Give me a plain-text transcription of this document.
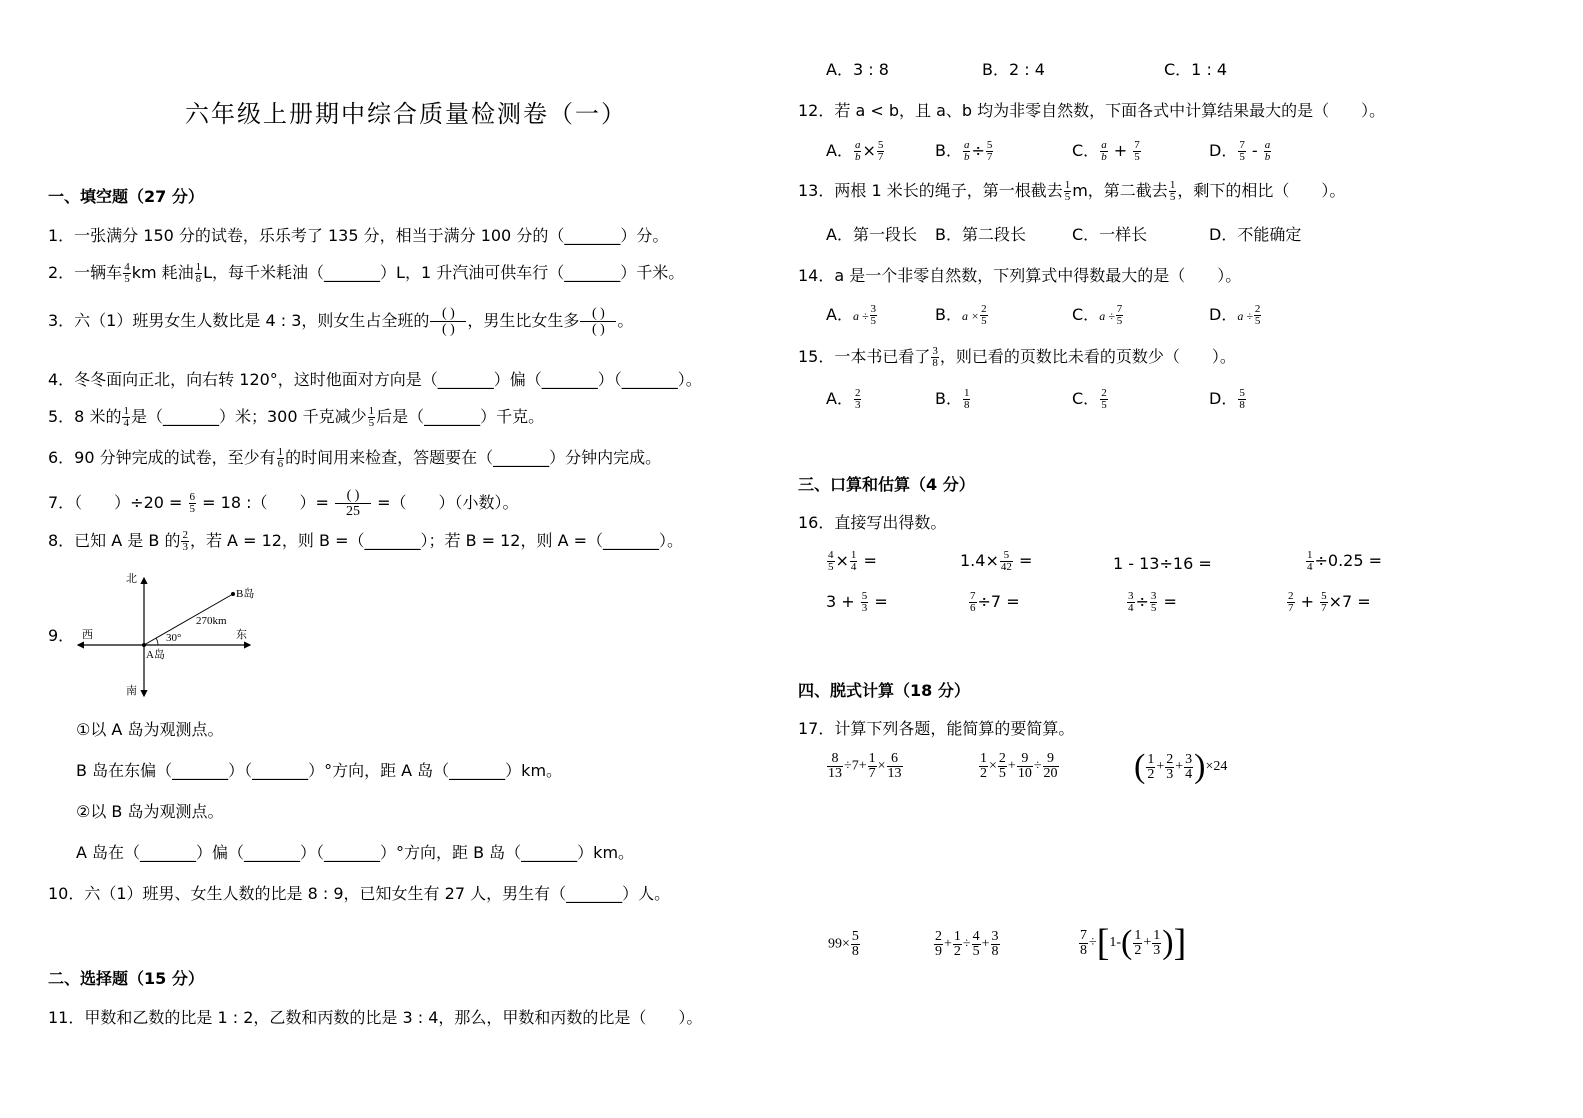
六年级上册期中综合质量检测卷（一）
一、填空题（27 分）
1．一张满分 150 分的试卷，乐乐考了 135 分，相当于满分 100 分的（_______）分。
2．一辆车 $\frac{4}{5}$ km 耗油 $\frac{1}{8}$ L，每千米耗油（_______）L，1 升汽油可供车行（_______）千米。
3．六（1）班男女生人数比是 4 : 3，则女生占全班的 $\frac{( )}{( )}$ ，男生比女生多 $\frac{( )}{( )}$ 。
4．冬冬面向正北，向右转 120°，这时他面对方向是（_______）偏（_______）（_______）。
5．8 米的 $\frac{1}{4}$ 是（_______）米；300 千克减少 $\frac{1}{5}$ 后是（_______）千克。
6．90 分钟完成的试卷，至少有 $\frac{1}{6}$ 的时间用来检查，答题要在（_______）分钟内完成。
7．（　　）$\div 20 = \frac{6}{5} = 18$ :（　　）= $\frac{( )}{25}$ =（　　）（小数）。
8．已知 A 是 B 的 $\frac{2}{3}$ ，若 A = 12，则 B =（_______）；若 B = 12，则 A =（_______）。
9．
北
南
西	东
A岛
B岛
270km
30°
①以 A 岛为观测点。
B 岛在东偏（_______）（_______）°方向，距 A 岛（_______）km。
②以 B 岛为观测点。
A 岛在（_______）偏（_______）（_______）°方向，距 B 岛（_______）km。
10．六（1）班男、女生人数的比是 8 : 9，已知女生有 27 人，男生有（_______）人。
二、选择题（15 分）
11．甲数和乙数的比是 1 : 2，乙数和丙数的比是 3 : 4，那么，甲数和丙数的比是（　　）。
A．3 : 8	B．2 : 4	C．1 : 4
12．若 a < b，且 a、b 均为非零自然数，下面各式中计算结果最大的是（　　）。
A． $\frac{a}{b} \times \frac{5}{7}$	B． $\frac{a}{b} \div \frac{5}{7}$	C． $\frac{a}{b} + \frac{7}{5}$	D． $\frac{7}{5} - \frac{a}{b}$
13．两根 1 米长的绳子，第一根截去 $\frac{1}{5}$ m，第二截去 $\frac{1}{5}$ ，剩下的相比（　　）。
A．第一段长 B．第二段长	C．一样长	D．不能确定
14．a 是一个非零自然数，下列算式中得数最大的是（　　）。
A．$a \div \frac{3}{5}$	B．$a \times \frac{2}{5}$	C．$a \div \frac{7}{5}$	D．$a \div \frac{2}{5}$
15．一本书已看了 $\frac{3}{8}$ ，则已看的页数比未看的页数少（　　）。
A． $\frac{2}{3}$	B． $\frac{1}{8}$	C． $\frac{2}{5}$	D． $\frac{5}{8}$
三、口算和估算（4 分）
16．直接写出得数。
$\frac{4}{5} \times \frac{1}{4}$ =	$1.4\times \frac{5}{42}$ =	1 - 13÷16 =	$\frac{1}{4} \div 0.25$ =
$3 + \frac{5}{3}$ =	$\frac{7}{6} \div 7$ =	$\frac{3}{4} \div \frac{3}{5}$ =	$\frac{2}{7} + \frac{5}{7} \times 7$ =
四、脱式计算（18 分）
17．计算下列各题，能简算的要简算。
$\frac{8}{13} \div 7+ \frac{1}{7} \times \frac{6}{13}$	$\frac{1}{2} \times \frac{2}{5} + \frac{9}{10} \div \frac{9}{20}$ ( $\frac{1}{2} + \frac{2}{3} + \frac{3}{4} )\times 24$
$99\times \frac{5}{8}$	$\frac{2}{9} + \frac{1}{2} \div \frac{4}{5} + \frac{3}{8}$	$\frac{7}{8} \div[1-( \frac{1}{2} + \frac{1}{3}$ )]
